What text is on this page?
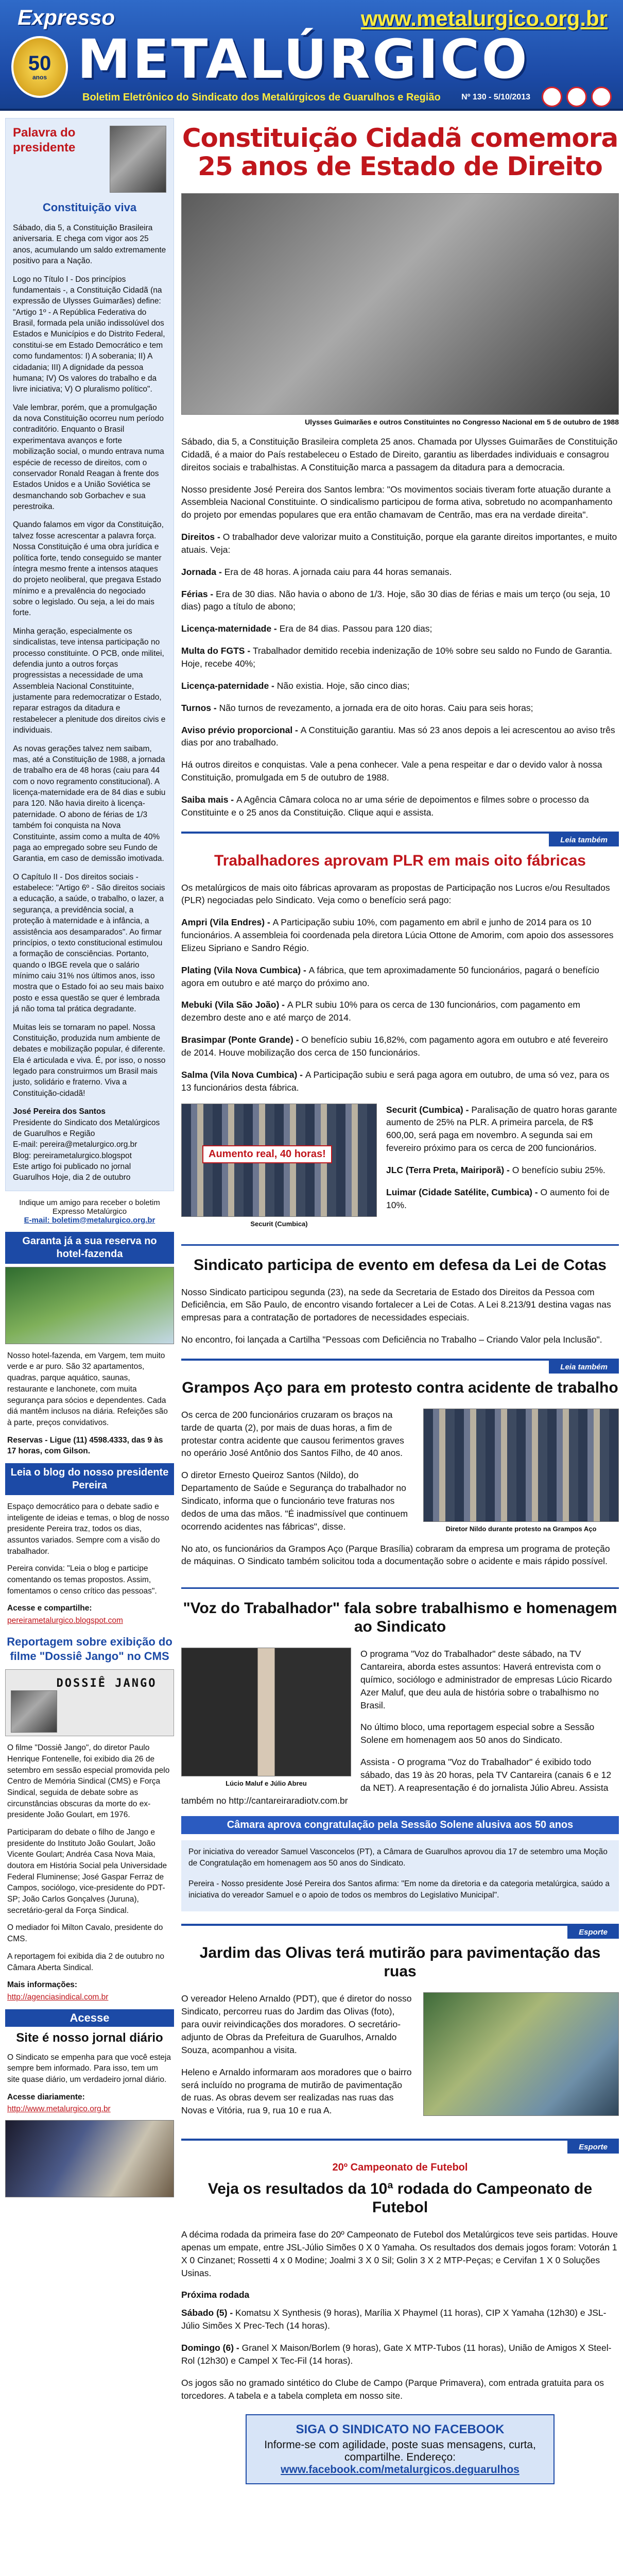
Expresso	www.metalurgico.org.br
50
anos METALÚRGICO
Boletim Eletrônico do Sindicato dos Metalúrgicos de Guarulhos e Região	Nº 130 - 5/10/2013
Palavra do presidente
Constituição viva

Sábado, dia 5, a Constituição Brasileira aniversaria. E chega com vigor aos 25 anos, acumulando um saldo extremamente positivo para a Nação.

Logo no Título I - Dos princípios fundamentais -, a Constituição Cidadã (na expressão de Ulysses Guimarães) define: "Artigo 1º - A República Federativa do Brasil, formada pela união indissolúvel dos Estados e Municípios e do Distrito Federal, constitui-se em Estado Democrático e tem como fundamentos: I) A soberania; II) A cidadania; III) A dignidade da pessoa humana; IV) Os valores do trabalho e da livre iniciativa; V) O pluralismo político".

Vale lembrar, porém, que a promulgação da nova Constituição ocorreu num período contraditório. Enquanto o Brasil experimentava avanços e forte mobilização social, o mundo entrava numa espécie de recesso de direitos, com o conservador Ronald Reagan à frente dos Estados Unidos e a União Soviética se desmanchando sob Gorbachev e sua perestroika.

Quando falamos em vigor da Constituição, talvez fosse acrescentar a palavra força. Nossa Constituição é uma obra jurídica e política forte, tendo conseguido se manter íntegra mesmo frente a intensos ataques do projeto neoliberal, que pregava Estado mínimo e a prevalência do negociado sobre o legislado. Ou seja, a lei do mais forte.

Minha geração, especialmente os sindicalistas, teve intensa participação no processo constituinte. O PCB, onde militei, defendia junto a outros forças progressistas a necessidade de uma Assembleia Nacional Constituinte, justamente para redemocratizar o Estado, reparar estragos da ditadura e restabelecer a plenitude dos direitos civis e individuais.

As novas gerações talvez nem saibam, mas, até a Constituição de 1988, a jornada de trabalho era de 48 horas (caiu para 44 com o novo regramento constitucional). A licença-maternidade era de 84 dias e subiu para 120. Não havia direito à licença-paternidade. O abono de férias de 1/3 também foi conquista na Nova Constituinte, assim como a multa de 40% paga ao empregado sobre seu Fundo de Garantia, em caso de demissão imotivada.

O Capítulo II - Dos direitos sociais - estabelece: "Artigo 6º - São direitos sociais a educação, a saúde, o trabalho, o lazer, a segurança, a previdência social, a proteção à maternidade e à infância, a assistência aos desamparados". Ao firmar princípios, o texto constitucional estimulou a formação de consciências. Portanto, quando o IBGE revela que o salário mínimo caiu 31% nos últimos anos, isso mostra que o Estado foi ao seu mais baixo posto e essa questão se quer é lembrada já não toma tal prática degradante.

Muitas leis se tornaram no papel. Nossa Constituição, produzida num ambiente de debates e mobilização popular, é diferente. Ela é articulada e viva. É, por isso, o nosso legado para construirmos um Brasil mais justo, solidário e fraterno. Viva a Constituição-cidadã!

José Pereira dos Santos
Presidente do Sindicato dos Metalúrgicos de Guarulhos e Região
E-mail: pereira@metalurgico.org.br
Blog: pereirametalurgico.blogspot
Este artigo foi publicado no jornal Guarulhos Hoje, dia 2 de outubro
Indique um amigo para receber o boletim Expresso Metalúrgico
E-mail: boletim@metalurgico.org.br
Garanta já a sua reserva no hotel-fazenda

Nosso hotel-fazenda, em Vargem, tem muito verde e ar puro. São 32 apartamentos, quadras, parque aquático, saunas, restaurante e lanchonete, com muita segurança para sócios e dependentes. Cada diá mantêm inclusos na diária. Refeições são à parte, preços convidativos.

Reservas - Ligue (11) 4598.4333, das 9 às 17 horas, com Gilson.

Leia o blog do nosso presidente Pereira

Espaço democrático para o debate sadio e inteligente de ideias e temas, o blog de nosso presidente Pereira traz, todos os dias, assuntos variados. Sempre com a visão do trabalhador.

Pereira convida: "Leia o blog e participe comentando os temas propostos. Assim, fomentamos o censo crítico das pessoas".

Acesse e compartilhe:

pereirametalurgico.blogspot.com
Reportagem sobre exibição do filme "Dossiê Jango" no CMS
DOSSIÊ JANGO

O filme "Dossiê Jango", do diretor Paulo Henrique Fontenelle, foi exibido dia 26 de setembro em sessão especial promovida pelo Centro de Memória Sindical (CMS) e Força Sindical, seguida de debate sobre as circunstâncias obscuras da morte do ex-presidente João Goulart, em 1976.

Participaram do debate o filho de Jango e presidente do Instituto João Goulart, João Vicente Goulart; Andréa Casa Nova Maia, doutora em História Social pela Universidade Federal Fluminense; José Gaspar Ferraz de Campos, sociólogo, vice-presidente do PDT-SP; João Carlos Gonçalves (Juruna), secretário-geral da Força Sindical.

O mediador foi Milton Cavalo, presidente do CMS.

A reportagem foi exibida dia 2 de outubro no Câmara Aberta Sindical.

Mais informações:

http://agenciasindical.com.br
Acesse
Site é nosso jornal diário

O Sindicato se empenha para que você esteja sempre bem informado. Para isso, tem um site quase diário, um verdadeiro jornal diário.

Acesse diariamente:

http://www.metalurgico.org.br
Constituição Cidadã comemora 25 anos de Estado de Direito
Ulysses Guimarães e outros Constituintes no Congresso Nacional em 5 de outubro de 1988

Sábado, dia 5, a Constituição Brasileira completa 25 anos. Chamada por Ulysses Guimarães de Constituição Cidadã, é a maior do País restabeleceu o Estado de Direito, garantiu as liberdades individuais e consagrou direitos sociais e trabalhistas. A Constituição marca a passagem da ditadura para a democracia.

Nosso presidente José Pereira dos Santos lembra: "Os movimentos sociais tiveram forte atuação durante a Assembleia Nacional Constituinte. O sindicalismo participou de forma ativa, sobretudo no acompanhamento do projeto por emendas populares que era então chamavam de Centrão, mas era na verdade direita".

Direitos - O trabalhador deve valorizar muito a Constituição, porque ela garante direitos importantes, e muito atuais. Veja:

Jornada - Era de 48 horas. A jornada caiu para 44 horas semanais.

Férias - Era de 30 dias. Não havia o abono de 1/3. Hoje, são 30 dias de férias e mais um terço (ou seja, 10 dias) pago a título de abono;

Licença-maternidade - Era de 84 dias. Passou para 120 dias;

Multa do FGTS - Trabalhador demitido recebia indenização de 10% sobre seu saldo no Fundo de Garantia. Hoje, recebe 40%;

Licença-paternidade - Não existia. Hoje, são cinco dias;

Turnos - Não turnos de revezamento, a jornada era de oito horas. Caiu para seis horas;

Aviso prévio proporcional - A Constituição garantiu. Mas só 23 anos depois a lei acrescentou ao aviso três dias por ano trabalhado.

Há outros direitos e conquistas. Vale a pena conhecer. Vale a pena respeitar e dar o devido valor à nossa Constituição, promulgada em 5 de outubro de 1988.

Saiba mais - A Agência Câmara coloca no ar uma série de depoimentos e filmes sobre o processo da Constituinte e o 25 anos da Constituição. Clique aqui e assista.

Leia também
Trabalhadores aprovam PLR em mais oito fábricas

Os metalúrgicos de mais oito fábricas aprovaram as propostas de Participação nos Lucros e/ou Resultados (PLR) negociadas pelo Sindicato. Veja como o benefício será pago:

Ampri (Vila Endres) - A Participação subiu 10%, com pagamento em abril e junho de 2014 para os 10 funcionários. A assembleia foi coordenada pela diretora Lúcia Ottone de Amorim, com apoio dos assessores Elizeu Sipriano e Sandro Régio.

Plating (Vila Nova Cumbica) - A fábrica, que tem aproximadamente 50 funcionários, pagará o benefício agora em outubro e até março do próximo ano.

Mebuki (Vila São João) - A PLR subiu 10% para os cerca de 130 funcionários, com pagamento em dezembro deste ano e até março de 2014.

Brasimpar (Ponte Grande) - O benefício subiu 16,82%, com pagamento agora em outubro e até fevereiro de 2014. Houve mobilização dos cerca de 150 funcionários.

Salma (Vila Nova Cumbica) - A Participação subiu e será paga agora em outubro, de uma só vez, para os 13 funcionários desta fábrica.

Aumento real, 40 horas!
Securit (Cumbica)

Securit (Cumbica) - Paralisação de quatro horas garante aumento de 25% na PLR. A primeira parcela, de R$ 600,00, será paga em novembro. A segunda sai em fevereiro próximo para os cerca de 200 funcionários.

JLC (Terra Preta, Mairiporã) - O benefício subiu 25%.

Luimar (Cidade Satélite, Cumbica) - O aumento foi de 10%.

Sindicato participa de evento em defesa da Lei de Cotas

Nosso Sindicato participou segunda (23), na sede da Secretaria de Estado dos Direitos da Pessoa com Deficiência, em São Paulo, de encontro visando fortalecer a Lei de Cotas. A Lei 8.213/91 destina vagas nas empresas para a contratação de portadores de necessidades especiais.

No encontro, foi lançada a Cartilha "Pessoas com Deficiência no Trabalho – Criando Valor pela Inclusão".

Leia também
Grampos Aço para em protesto contra acidente de trabalho
Diretor Nildo durante protesto na Grampos Aço

Os cerca de 200 funcionários cruzaram os braços na tarde de quarta (2), por mais de duas horas, a fim de protestar contra acidente que causou ferimentos graves no operário José Antônio dos Santos Filho, de 40 anos.

O diretor Ernesto Queiroz Santos (Nildo), do Departamento de Saúde e Segurança do trabalhador no Sindicato, informa que o funcionário teve fraturas nos dedos de uma das mãos. "É inadmissível que continuem ocorrendo acidentes nas fábricas", disse.

No ato, os funcionários da Grampos Aço (Parque Brasília) cobraram da empresa um programa de proteção de máquinas. O Sindicato também solicitou toda a documentação sobre o acidente e mais rápido possível.

"Voz do Trabalhador" fala sobre trabalhismo e homenagem ao Sindicato
Lúcio Maluf e Júlio Abreu

O programa "Voz do Trabalhador" deste sábado, na TV Cantareira, aborda estes assuntos: Haverá entrevista com o químico, sociólogo e administrador de empresas Lúcio Ricardo Azer Maluf, que deu aula de história sobre o trabalhismo no Brasil.

No último bloco, uma reportagem especial sobre a Sessão Solene em homenagem aos 50 anos do Sindicato.

Assista - O programa "Voz do Trabalhador" é exibido todo sábado, das 19 às 20 horas, pela TV Cantareira (canais 6 e 12 da NET). A reapresentação é do jornalista Júlio Abreu. Assista também no http://cantareiraradiotv.com.br

Câmara aprova congratulação pela Sessão Solene alusiva aos 50 anos

Por iniciativa do vereador Samuel Vasconcelos (PT), a Câmara de Guarulhos aprovou dia 17 de setembro uma Moção de Congratulação em homenagem aos 50 anos do Sindicato.

Pereira - Nosso presidente José Pereira dos Santos afirma: "Em nome da diretoria e da categoria metalúrgica, saúdo a iniciativa do vereador Samuel e o apoio de todos os membros do Legislativo Municipal".

Esporte
Jardim das Olivas terá mutirão para pavimentação das ruas

O vereador Heleno Arnaldo (PDT), que é diretor do nosso Sindicato, percorreu ruas do Jardim das Olivas (foto), para ouvir reivindicações dos moradores. O secretário-adjunto de Obras da Prefeitura de Guarulhos, Arnaldo Souza, acompanhou a visita.

Heleno e Arnaldo informaram aos moradores que o bairro será incluído no programa de mutirão de pavimentação de ruas. As obras devem ser realizadas nas ruas das Novas e Vitória, rua 9, rua 10 e rua A.

Esporte
20º Campeonato de Futebol
Veja os resultados da 10ª rodada do Campeonato de Futebol

A décima rodada da primeira fase do 20º Campeonato de Futebol dos Metalúrgicos teve seis partidas. Houve apenas um empate, entre JSL-Júlio Simões 0 X 0 Yamaha. Os resultados dos demais jogos foram: Votorán 1 X 0 Cinzanet; Rossetti 4 x 0 Modine; Joalmi 3 X 0 Sil; Golin 3 X 2 MTP-Peças; e Cervifan 1 X 0 Soluções Usinas.

Próxima rodada

Sábado (5) - Komatsu X Synthesis (9 horas), Marília X Phaymel (11 horas), CIP X Yamaha (12h30) e JSL-Júlio Simões X Prec-Tech (14 horas).

Domingo (6) - Granel X Maison/Borlem (9 horas), Gate X MTP-Tubos (11 horas), União de Amigos X Steel-Rol (12h30) e Campel X Tec-Fil (14 horas).

Os jogos são no gramado sintético do Clube de Campo (Parque Primavera), com entrada gratuita para os torcedores. A tabela e a tabela completa em nosso site.

SIGA O SINDICATO NO FACEBOOK
Informe-se com agilidade, poste suas mensagens, curta, compartilhe. Endereço:
www.facebook.com/metalurgicos.deguarulhos
